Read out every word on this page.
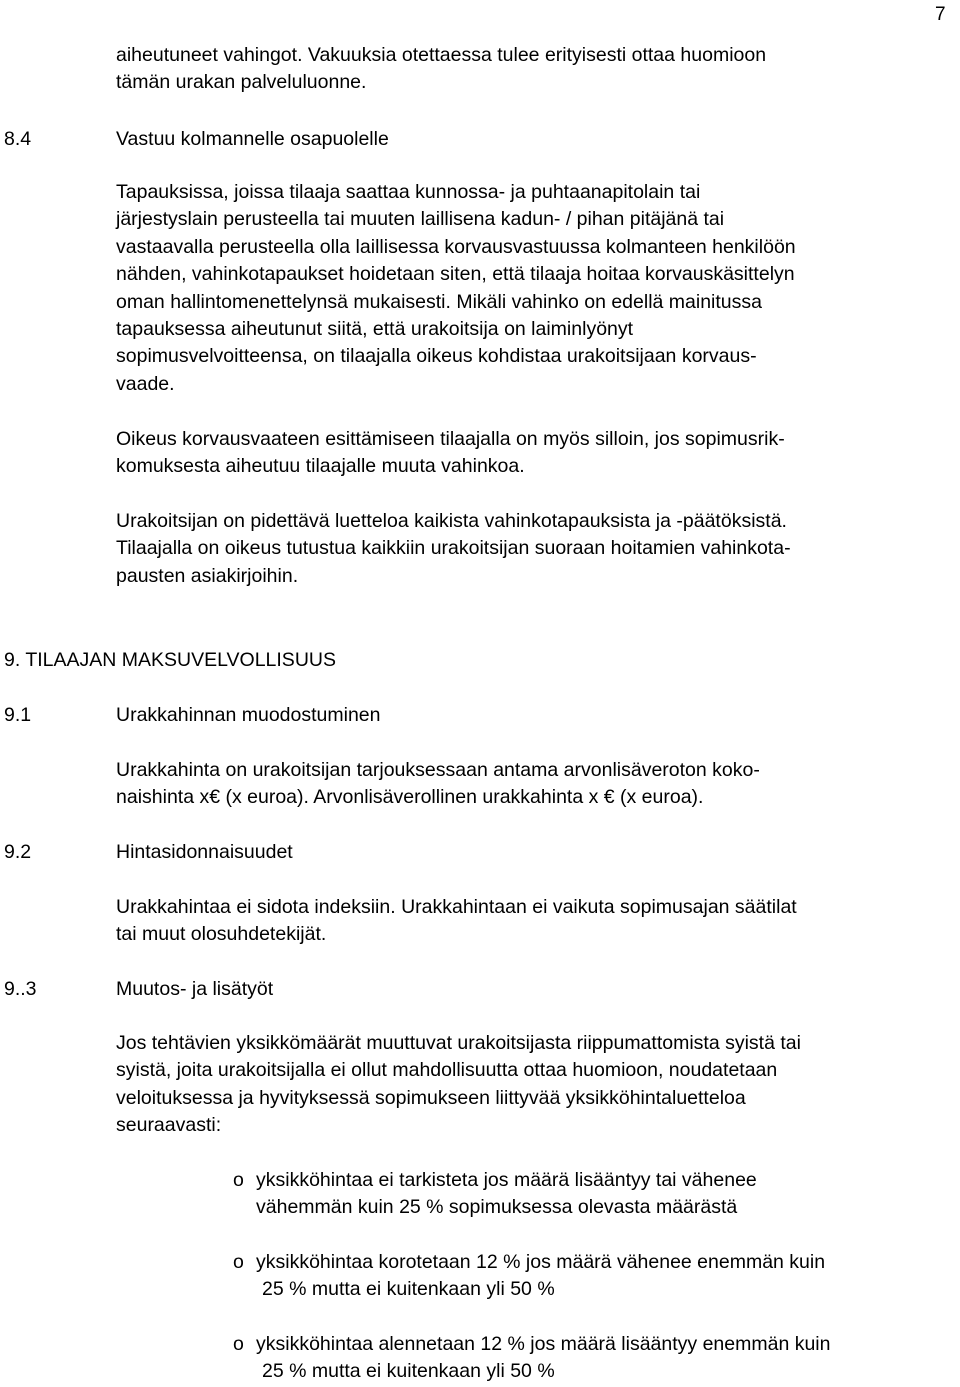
7
aiheutuneet vahingot. Vakuuksia otettaessa tulee erityisesti ottaa huomioon
tämän urakan palveluluonne.
8.4	Vastuu kolmannelle osapuolelle
Tapauksissa, joissa tilaaja saattaa kunnossa- ja puhtaanapitolain tai
järjestyslain perusteella tai muuten laillisena kadun- / pihan pitäjänä tai
vastaavalla perusteella olla laillisessa korvausvastuussa kolmanteen henkilöön
nähden, vahinkotapaukset hoidetaan siten, että tilaaja hoitaa korvauskäsittelyn
oman hallintomenettelynsä mukaisesti. Mikäli vahinko on edellä mainitussa
tapauksessa aiheutunut siitä, että urakoitsija on laiminlyönyt
sopimusvelvoitteensa, on tilaajalla oikeus kohdistaa urakoitsijaan korvaus-
vaade.
Oikeus korvausvaateen esittämiseen tilaajalla on myös silloin, jos sopimusrik-
komuksesta aiheutuu tilaajalle muuta vahinkoa.
Urakoitsijan on pidettävä luetteloa kaikista vahinkotapauksista ja -päätöksistä.
Tilaajalla on oikeus tutustua kaikkiin urakoitsijan suoraan hoitamien vahinkota-
pausten asiakirjoihin.
9. TILAAJAN MAKSUVELVOLLISUUS
9.1	Urakkahinnan muodostuminen
Urakkahinta on urakoitsijan tarjouksessaan antama arvonlisäveroton koko-
naishinta x€ (x euroa). Arvonlisäverollinen urakkahinta x € (x euroa).
9.2	Hintasidonnaisuudet
Urakkahintaa ei sidota indeksiin. Urakkahintaan ei vaikuta sopimusajan säätilat
tai muut olosuhdetekijät.
9..3	Muutos- ja lisätyöt
Jos tehtävien yksikkömäärät muuttuvat urakoitsijasta riippumattomista syistä tai
syistä, joita urakoitsijalla ei ollut mahdollisuutta ottaa huomioon, noudatetaan
veloituksessa ja hyvityksessä sopimukseen liittyvää yksikköhintaluetteloa
seuraavasti:
o yksikköhintaa ei tarkisteta jos määrä lisääntyy tai vähenee
vähemmän kuin 25 % sopimuksessa olevasta määrästä
o yksikköhintaa korotetaan 12 % jos määrä vähenee enemmän kuin
25 % mutta ei kuitenkaan yli 50 %
o yksikköhintaa alennetaan 12 % jos määrä lisääntyy enemmän kuin
25 % mutta ei kuitenkaan yli 50 %
